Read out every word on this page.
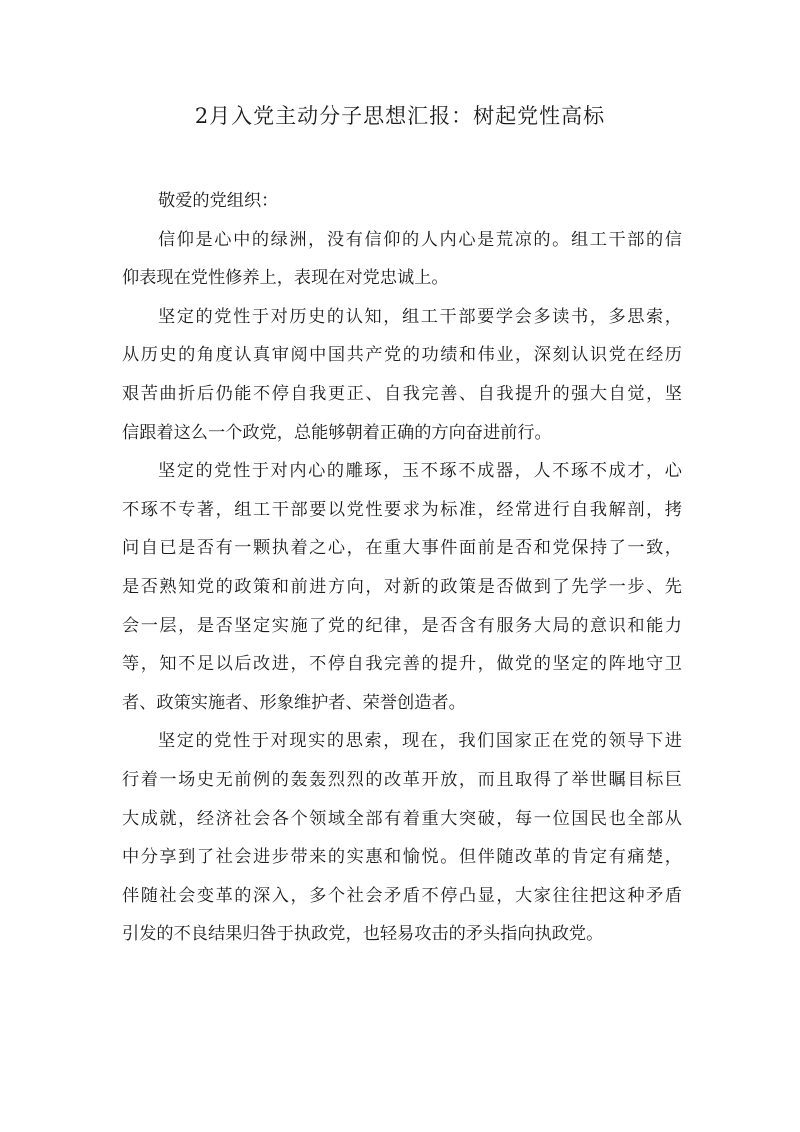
2月入党主动分子思想汇报：树起党性高标
敬爱的党组织：
信仰是心中的绿洲，没有信仰的人内心是荒凉的。组工干部的信
仰表现在党性修养上，表现在对党忠诚上。
坚定的党性于对历史的认知，组工干部要学会多读书，多思索，
从历史的角度认真审阅中国共产党的功绩和伟业，深刻认识党在经历
艰苦曲折后仍能不停自我更正、自我完善、自我提升的强大自觉，坚
信跟着这么一个政党，总能够朝着正确的方向奋进前行。
坚定的党性于对内心的雕琢，玉不琢不成器，人不琢不成才，心
不琢不专著，组工干部要以党性要求为标准，经常进行自我解剖，拷
问自已是否有一颗执着之心，在重大事件面前是否和党保持了一致，
是否熟知党的政策和前进方向，对新的政策是否做到了先学一步、先
会一层，是否坚定实施了党的纪律，是否含有服务大局的意识和能力
等，知不足以后改进，不停自我完善的提升，做党的坚定的阵地守卫
者、政策实施者、形象维护者、荣誉创造者。
坚定的党性于对现实的思索，现在，我们国家正在党的领导下进
行着一场史无前例的轰轰烈烈的改革开放，而且取得了举世瞩目标巨
大成就，经济社会各个领域全部有着重大突破，每一位国民也全部从
中分享到了社会进步带来的实惠和愉悦。但伴随改革的肯定有痛楚，
伴随社会变革的深入，多个社会矛盾不停凸显，大家往往把这种矛盾
引发的不良结果归咎于执政党，也轻易攻击的矛头指向执政党。
